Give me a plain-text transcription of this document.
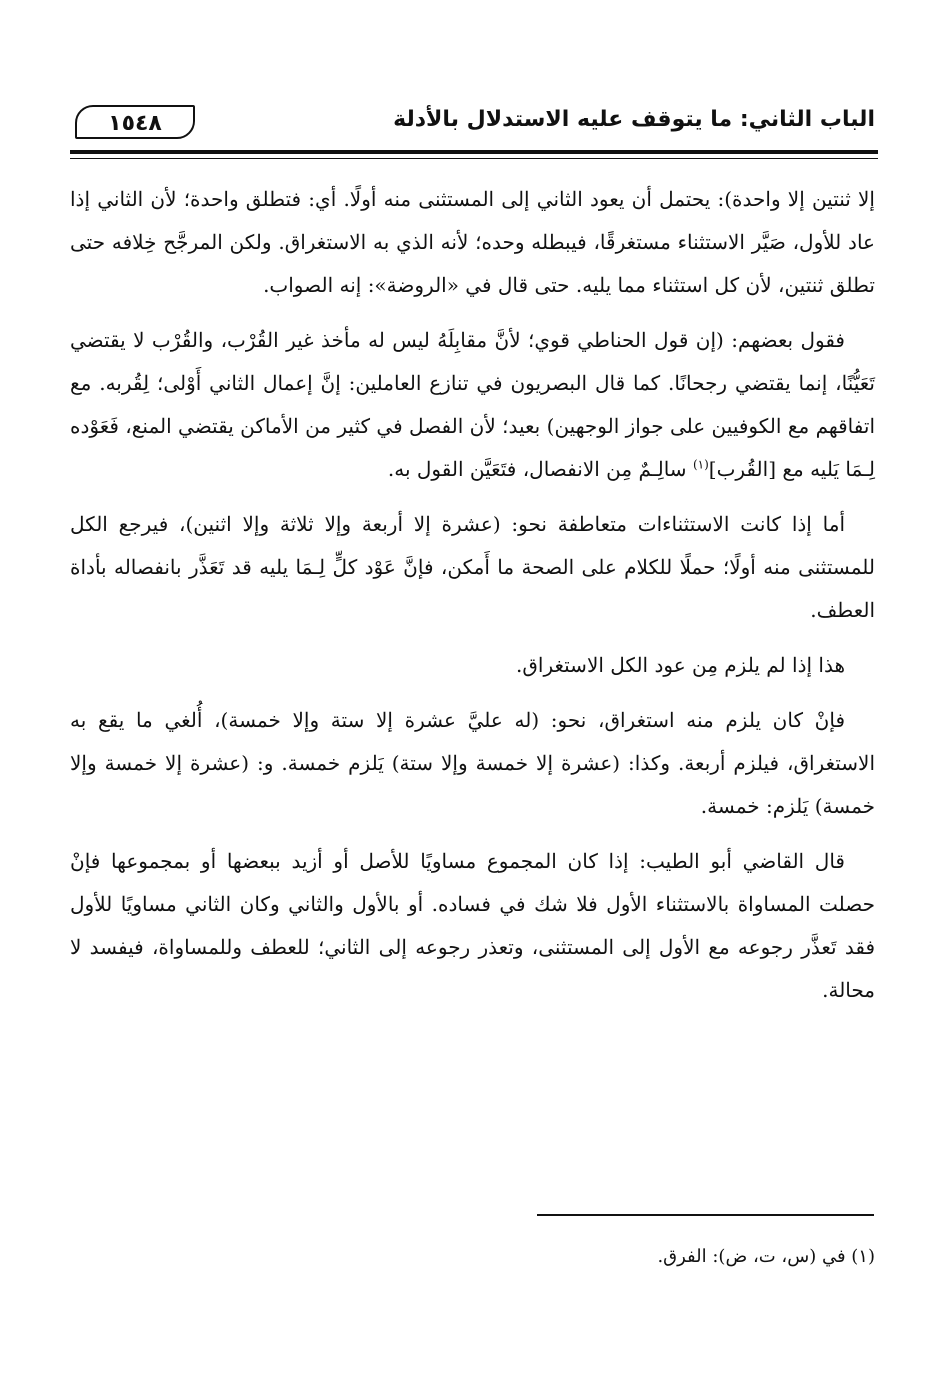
الباب الثاني: ما يتوقف عليه الاستدلال بالأدلة
١٥٤٨

إلا ثنتين إلا واحدة): يحتمل أن يعود الثاني إلى المستثنى منه أولًا. أي: فتطلق واحدة؛ لأن الثاني إذا عاد للأول، صَيَّر الاستثناء مستغرقًا، فيبطله وحده؛ لأنه الذي به الاستغراق. ولكن المرجَّح خِلافه حتى تطلق ثنتين، لأن كل استثناء مما يليه. حتى قال في «الروضة»: إنه الصواب.

فقول بعضهم: (إن قول الحناطي قوي؛ لأنَّ مقابِلَهُ ليس له مأخذ غير القُرْب، والقُرْب لا يقتضي تَعَيُّنًا، إنما يقتضي رجحانًا. كما قال البصريون في تنازع العاملين: إنَّ إعمال الثاني أَوْلى؛ لِقُربه. مع اتفاقهم مع الكوفيين على جواز الوجهين) بعيد؛ لأن الفصل في كثير من الأماكن يقتضي المنع، فَعَوْده لِـمَا يَليه مع [القُرب]$^{(١)}$ سالِـمٌ مِن الانفصال، فتَعَيَّن القول به.

أما إذا كانت الاستثناءات متعاطفة نحو: (عشرة إلا أربعة وإلا ثلاثة وإلا اثنين)، فيرجع الكل للمستثنى منه أولًا؛ حملًا للكلام على الصحة ما أَمكن، فإنَّ عَوْد كلٍّ لِـمَا يليه قد تَعَذَّر بانفصاله بأداة العطف.

هذا إذا لم يلزم مِن عود الكل الاستغراق.

فإنْ كان يلزم منه استغراق، نحو: (له عليَّ عشرة إلا ستة وإلا خمسة)، أُلغي ما يقع به الاستغراق، فيلزم أربعة. وكذا: (عشرة إلا خمسة وإلا ستة) يَلزم خمسة. و: (عشرة إلا خمسة وإلا خمسة) يَلزم: خمسة.

قال القاضي أبو الطيب: إذا كان المجموع مساويًا للأصل أو أزيد ببعضها أو بمجموعها فإنْ حصلت المساواة بالاستثناء الأول فلا شك في فساده. أو بالأول والثاني وكان الثاني مساويًا للأول فقد تَعذَّر رجوعه مع الأول إلى المستثنى، وتعذر رجوعه إلى الثاني؛ للعطف وللمساواة، فيفسد لا محالة.

(١) في (س، ت، ض): الفرق.
